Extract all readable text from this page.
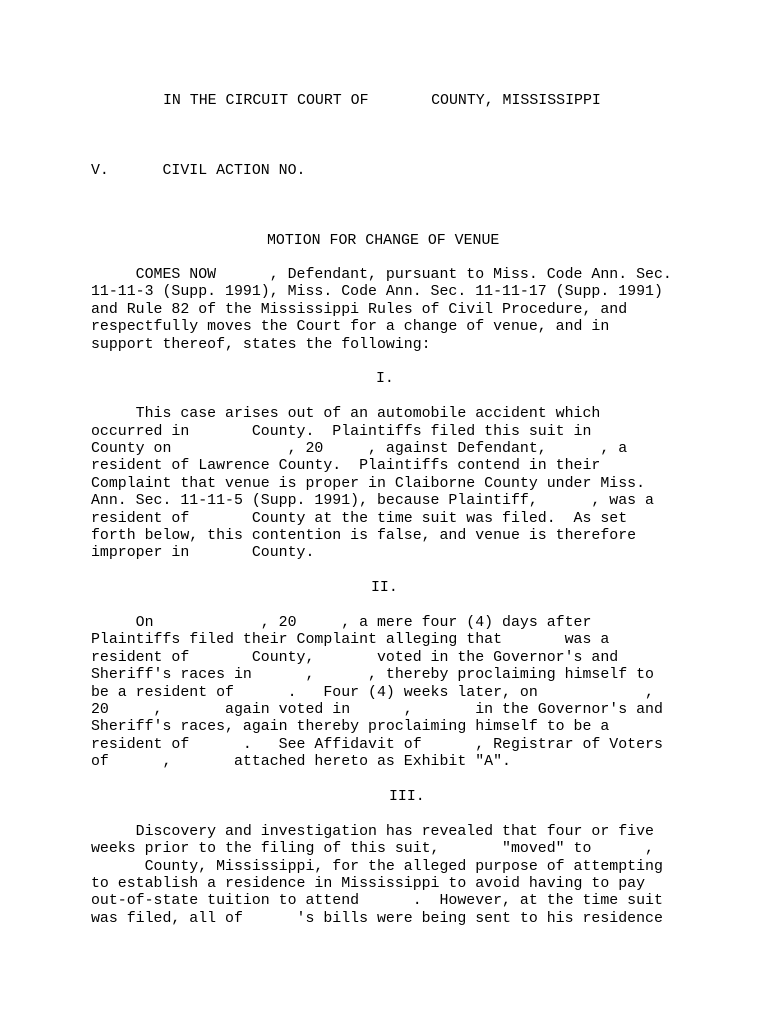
IN THE CIRCUIT COURT OF       COUNTY, MISSISSIPPI
V.      CIVIL ACTION NO.
MOTION FOR CHANGE OF VENUE
COMES NOW      , Defendant, pursuant to Miss. Code Ann. Sec.
11-11-3 (Supp. 1991), Miss. Code Ann. Sec. 11-11-17 (Supp. 1991)
and Rule 82 of the Mississippi Rules of Civil Procedure, and
respectfully moves the Court for a change of venue, and in
support thereof, states the following:
I.
This case arises out of an automobile accident which
occurred in       County.  Plaintiffs filed this suit in
County on             , 20     , against Defendant,      , a
resident of Lawrence County.  Plaintiffs contend in their
Complaint that venue is proper in Claiborne County under Miss.
Ann. Sec. 11-11-5 (Supp. 1991), because Plaintiff,      , was a
resident of       County at the time suit was filed.  As set
forth below, this contention is false, and venue is therefore
improper in       County.
II.
On            , 20     , a mere four (4) days after
Plaintiffs filed their Complaint alleging that       was a
resident of       County,       voted in the Governor's and
Sheriff's races in      ,      , thereby proclaiming himself to
be a resident of      .   Four (4) weeks later, on            ,
20     ,       again voted in      ,       in the Governor's and
Sheriff's races, again thereby proclaiming himself to be a
resident of      .   See Affidavit of      , Registrar of Voters
of      ,       attached hereto as Exhibit "A".
III.
Discovery and investigation has revealed that four or five
weeks prior to the filing of this suit,       "moved" to      ,
County, Mississippi, for the alleged purpose of attempting
to establish a residence in Mississippi to avoid having to pay
out-of-state tuition to attend      .  However, at the time suit
was filed, all of      's bills were being sent to his residence
